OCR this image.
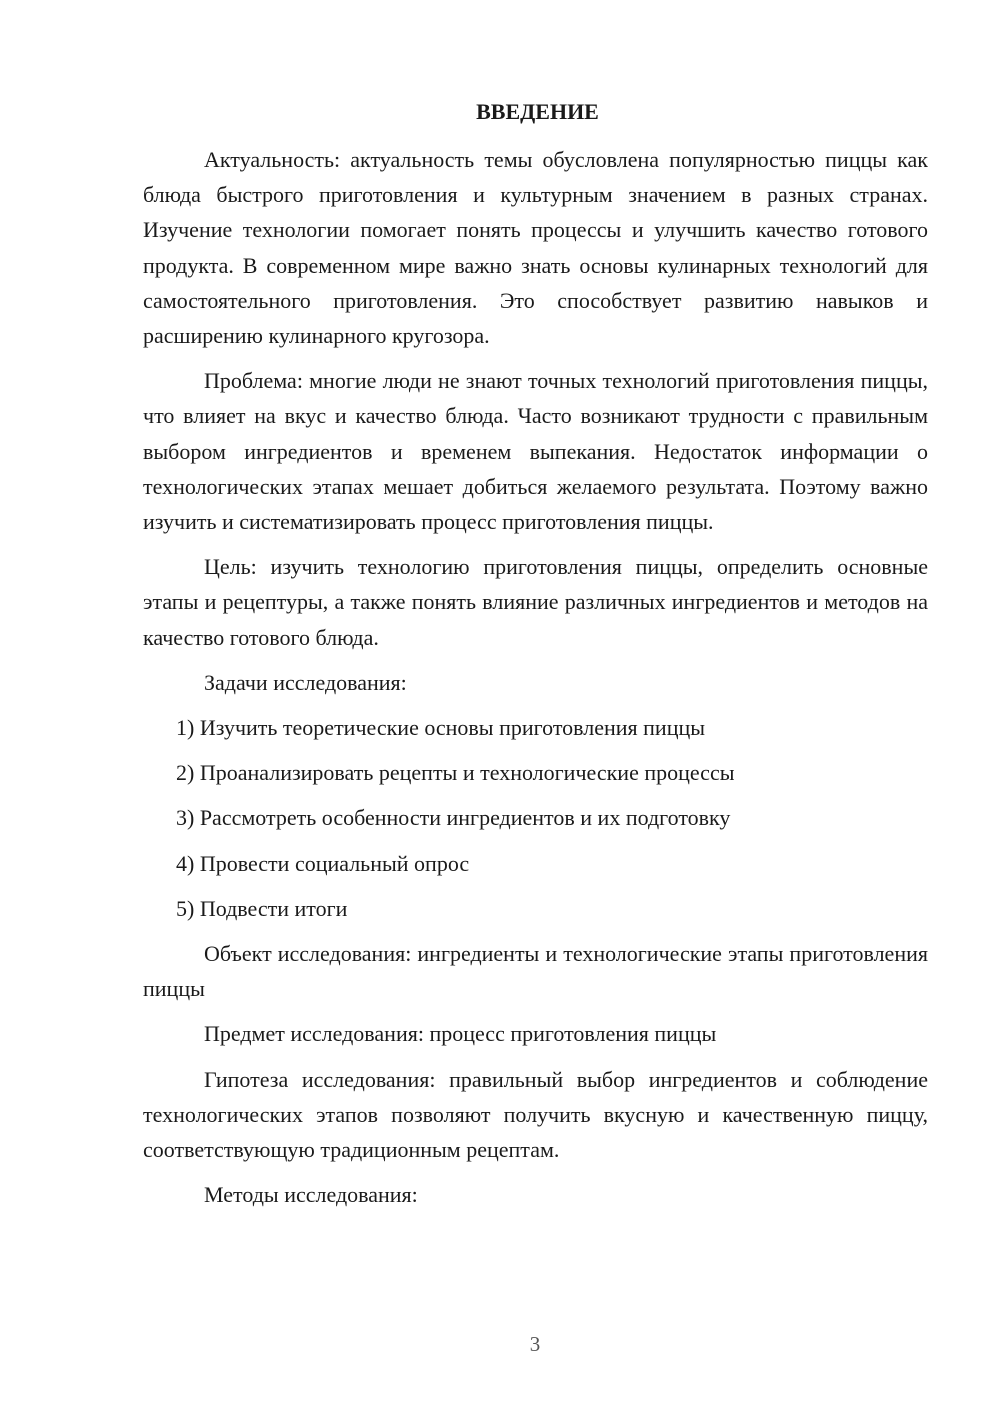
ВВЕДЕНИЕ

Актуальность: актуальность темы обусловлена популярностью пиццы как блюда быстрого приготовления и культурным значением в разных странах. Изучение технологии помогает понять процессы и улучшить качество готового продукта. В современном мире важно знать основы кулинарных технологий для самостоятельного приготовления. Это способствует развитию навыков и расширению кулинарного кругозора.

Проблема: многие люди не знают точных технологий приготовления пиццы, что влияет на вкус и качество блюда. Часто возникают трудности с правильным выбором ингредиентов и временем выпекания. Недостаток информации о технологических этапах мешает добиться желаемого результата. Поэтому важно изучить и систематизировать процесс приготовления пиццы.

Цель: изучить технологию приготовления пиццы, определить основные этапы и рецептуры, а также понять влияние различных ингредиентов и методов на качество готового блюда.

Задачи исследования:

1) Изучить теоретические основы приготовления пиццы
2) Проанализировать рецепты и технологические процессы
3) Рассмотреть особенности ингредиентов и их подготовку
4) Провести социальный опрос
5) Подвести итоги

Объект исследования: ингредиенты и технологические этапы приготовления пиццы

Предмет исследования: процесс приготовления пиццы

Гипотеза исследования: правильный выбор ингредиентов и соблюдение технологических этапов позволяют получить вкусную и качественную пиццу, соответствующую традиционным рецептам.

Методы исследования:

3
